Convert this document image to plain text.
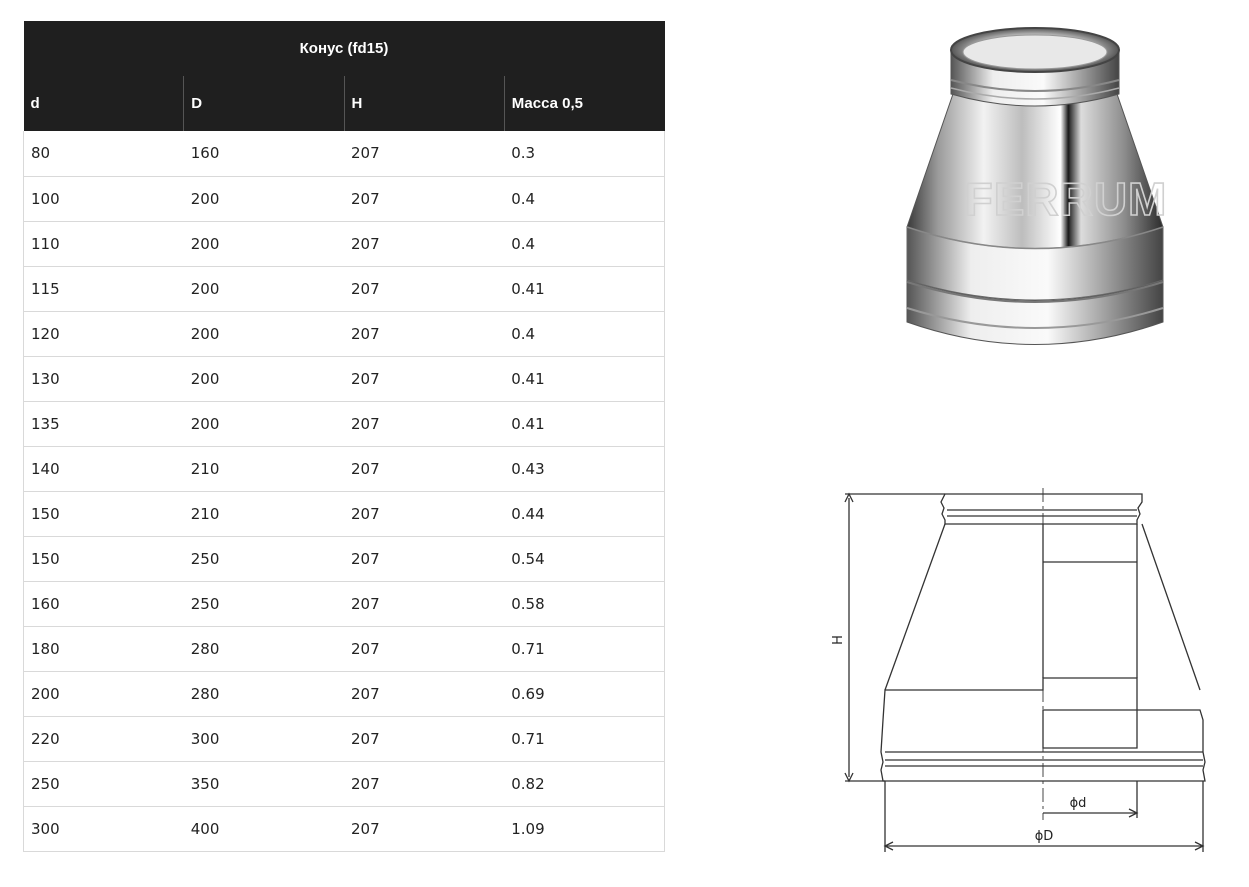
Конус (fd15)			
d	D	H	Масса 0,5
80	160	207	0.3
100	200	207	0.4
110	200	207	0.4
115	200	207	0.41
120	200	207	0.4
130	200	207	0.41
135	200	207	0.41
140	210	207	0.43
150	210	207	0.44
150	250	207	0.54
160	250	207	0.58
180	280	207	0.71
200	280	207	0.69
220	300	207	0.71
250	350	207	0.82
300	400	207	1.09
FERRUM
H
ϕd
ϕD
